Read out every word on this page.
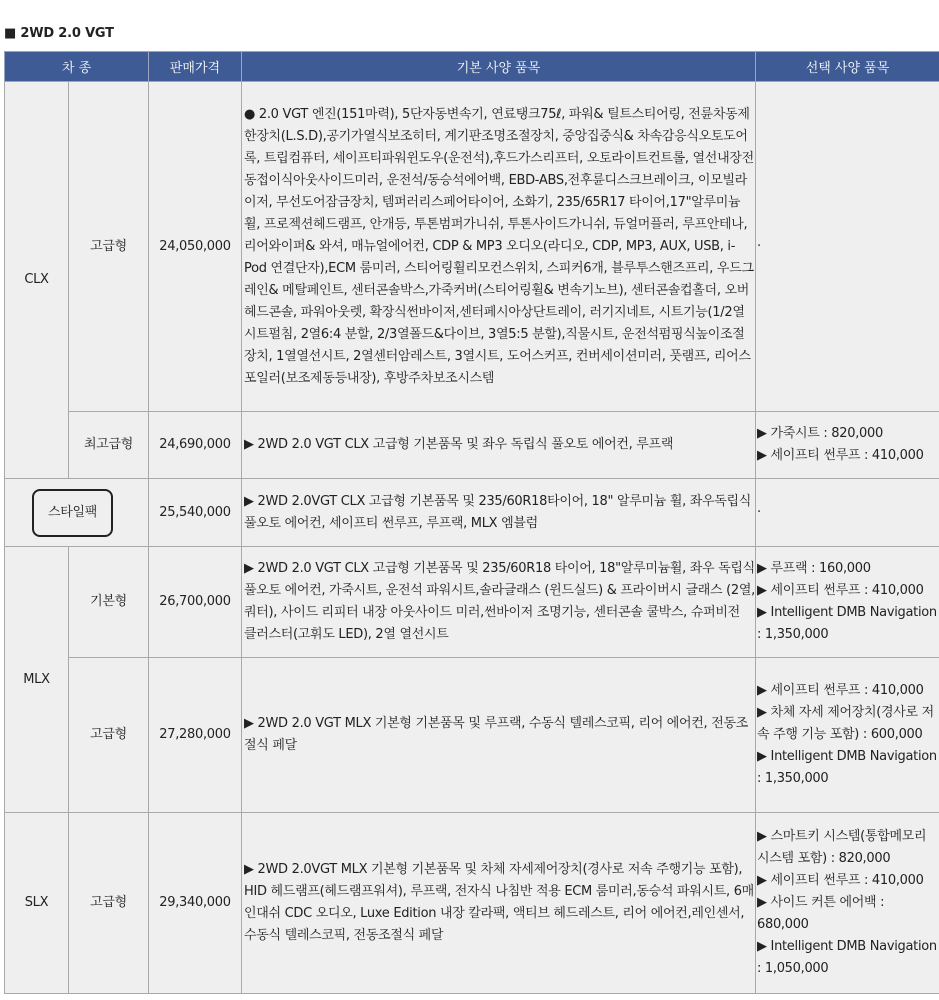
■ 2WD 2.0 VGT
차 종		판매가격	기본 사양 품목	선택 사양 품목
CLX	고급형	24,050,000	● 2.0 VGT 엔진(151마력), 5단자동변속기, 연료탱크75ℓ, 파워& 틸트스티어링, 전륜차동제한장치(L.S.D),공기가열식보조히터, 계기판조명조절장치, 중앙집중식& 차속감응식오토도어록, 트립컴퓨터, 세이프티파워윈도우(운전석),후드가스리프터, 오토라이트컨트롤, 열선내장전동접이식아웃사이드미러, 운전석/동승석에어백, EBD-ABS,전후륜디스크브레이크, 이모빌라이저, 무선도어잠금장치, 템퍼러리스페어타이어, 소화기, 235/65R17 타이어,17"알루미늄휠, 프로젝션헤드램프, 안개등, 투톤범퍼가니쉬, 투톤사이드가니쉬, 듀얼머플러, 루프안테나,리어와이퍼& 와셔, 매뉴얼에어컨, CDP & MP3 오디오(라디오, CDP, MP3, AUX, USB, i-Pod 연결단자),ECM 룸미러, 스티어링휠리모컨스위치, 스피커6개, 블루투스핸즈프리, 우드그레인& 메탈페인트, 센터콘솔박스,가죽커버(스티어링휠& 변속기노브), 센터콘솔컵홀더, 오버헤드콘솔, 파워아웃렛, 확장식썬바이저,센터페시아상단트레이, 러기지네트, 시트기능(1/2열시트펄침, 2열6:4 분할, 2/3열폴드&다이브, 3열5:5 분할),직물시트, 운전석펌핑식높이조절장치, 1열열선시트, 2열센터암레스트, 3열시트, 도어스커프, 컨버세이션미러, 풋램프, 리어스포일러(보조제동등내장), 후방주차보조시스템	·

	최고급형	24,690,000	▶ 2WD 2.0 VGT CLX 고급형 기본품목 및 좌우 독립식 풀오토 에어컨, 루프랙	▶ 가죽시트 : 820,000
▶ 세이프티 썬루프 : 410,000

스타일팩		25,540,000	▶ 2WD 2.0VGT CLX 고급형 기본품목 및 235/60R18타이어, 18" 알루미늄 휠, 좌우독립식 풀오토 에어컨, 세이프티 썬루프, 루프랙, MLX 엠블럼	·

MLX	기본형	26,700,000	▶ 2WD 2.0 VGT CLX 고급형 기본품목 및 235/60R18 타이어, 18"알루미늄휠, 좌우 독립식 풀오토 에어컨, 가죽시트, 운전석 파워시트,솔라글래스 (윈드실드) & 프라이버시 글래스 (2열, 쿼터), 사이드 리피터 내장 아웃사이드 미러,썬바이저 조명기능, 센터콘솔 쿨박스, 슈퍼비전 클러스터(고휘도 LED), 2열 열선시트	▶ 루프랙 : 160,000
▶ 세이프티 썬루프 : 410,000
▶ Intelligent DMB Navigation : 1,350,000

	고급형	27,280,000	▶ 2WD 2.0 VGT MLX 기본형 기본품목 및 루프랙, 수동식 텔레스코픽, 리어 에어컨, 전동조절식 페달	▶ 세이프티 썬루프 : 410,000
▶ 차체 자세 제어장치(경사로 저속 주행 기능 포함) : 600,000
▶ Intelligent DMB Navigation : 1,350,000

SLX	고급형	29,340,000	▶ 2WD 2.0VGT MLX 기본형 기본품목 및 차체 자세제어장치(경사로 저속 주행기능 포함), HID 헤드램프(헤드램프워셔), 루프랙, 전자식 나침반 적용 ECM 룸미러,동승석 파워시트, 6매 인대쉬 CDC 오디오, Luxe Edition 내장 칼라팩, 액티브 헤드레스트, 리어 에어컨,레인센서, 수동식 텔레스코픽, 전동조절식 페달	▶ 스마트키 시스템(통합메모리 시스템 포함) : 820,000
▶ 세이프티 썬루프 : 410,000
▶ 사이드 커튼 에어백 : 680,000
▶ Intelligent DMB Navigation : 1,050,000
